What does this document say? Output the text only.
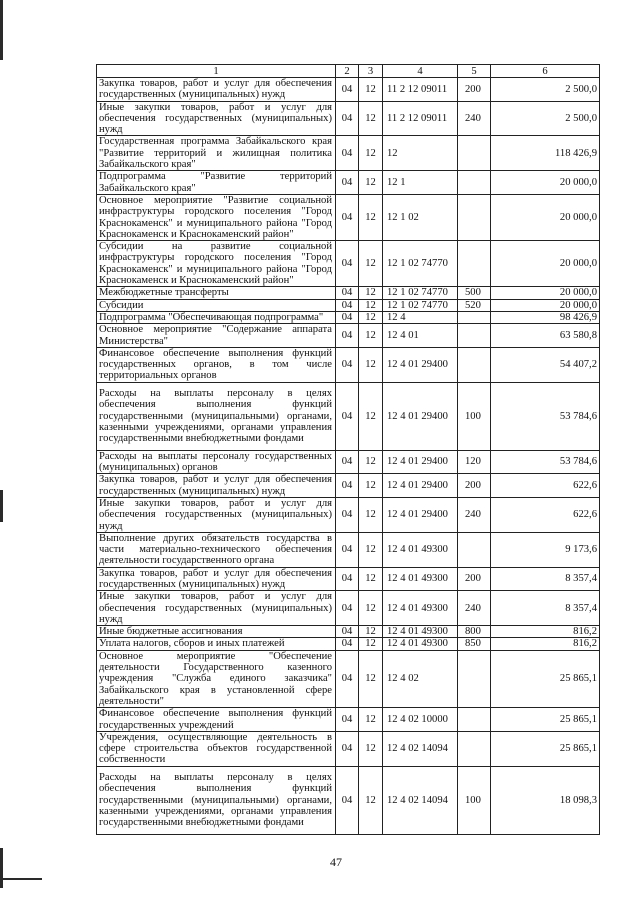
1	2	3	4	5	6
Закупка товаров, работ и услуг для обеспечения государственных (муниципальных) нужд	04	12	11 2 12 09011	200	2 500,0
Иные закупки товаров, работ и услуг для обеспечения государственных (муниципальных) нужд	04	12	11 2 12 09011	240	2 500,0
Государственная программа Забайкальского края "Развитие территорий и жилищная политика Забайкальского края"	04	12	12		118 426,9
Подпрограмма "Развитие территорий Забайкальского края"	04	12	12 1		20 000,0
Основное мероприятие "Развитие социальной инфраструктуры городского поселения "Город Краснокаменск" и муниципального района "Город Краснокаменск и Краснокаменский район"	04	12	12 1 02		20 000,0
Субсидии на развитие социальной инфраструктуры городского поселения "Город Краснокаменск" и муниципального района "Город Краснокаменск и Краснокаменский район"	04	12	12 1 02 74770		20 000,0
Межбюджетные трансферты	04	12	12 1 02 74770	500	20 000,0
Субсидии	04	12	12 1 02 74770	520	20 000,0
Подпрограмма "Обеспечивающая подпрограмма"	04	12	12 4		98 426,9
Основное мероприятие "Содержание аппарата Министерства"	04	12	12 4 01		63 580,8
Финансовое обеспечение выполнения функций государственных органов, в том числе территориальных органов	04	12	12 4 01 29400		54 407,2
Расходы на выплаты персоналу в целях обеспечения выполнения функций государственными (муниципальными) органами, казенными учреждениями, органами управления государственными внебюджетными фондами	04	12	12 4 01 29400	100	53 784,6
Расходы на выплаты персоналу государственных (муниципальных) органов	04	12	12 4 01 29400	120	53 784,6
Закупка товаров, работ и услуг для обеспечения государственных (муниципальных) нужд	04	12	12 4 01 29400	200	622,6
Иные закупки товаров, работ и услуг для обеспечения государственных (муниципальных) нужд	04	12	12 4 01 29400	240	622,6
Выполнение других обязательств государства в части материально-технического обеспечения деятельности государственного органа	04	12	12 4 01 49300		9 173,6
Закупка товаров, работ и услуг для обеспечения государственных (муниципальных) нужд	04	12	12 4 01 49300	200	8 357,4
Иные закупки товаров, работ и услуг для обеспечения государственных (муниципальных) нужд	04	12	12 4 01 49300	240	8 357,4
Иные бюджетные ассигнования	04	12	12 4 01 49300	800	816,2
Уплата налогов, сборов и иных платежей	04	12	12 4 01 49300	850	816,2
Основное мероприятие "Обеспечение деятельности Государственного казенного учреждения "Служба единого заказчика" Забайкальского края в установленной сфере деятельности"	04	12	12 4 02		25 865,1
Финансовое обеспечение выполнения функций государственных учреждений	04	12	12 4 02 10000		25 865,1
Учреждения, осуществляющие деятельность в сфере строительства объектов государственной собственности	04	12	12 4 02 14094		25 865,1
Расходы на выплаты персоналу в целях обеспечения выполнения функций государственными (муниципальными) органами, казенными учреждениями, органами управления государственными внебюджетными фондами	04	12	12 4 02 14094	100	18 098,3
47
